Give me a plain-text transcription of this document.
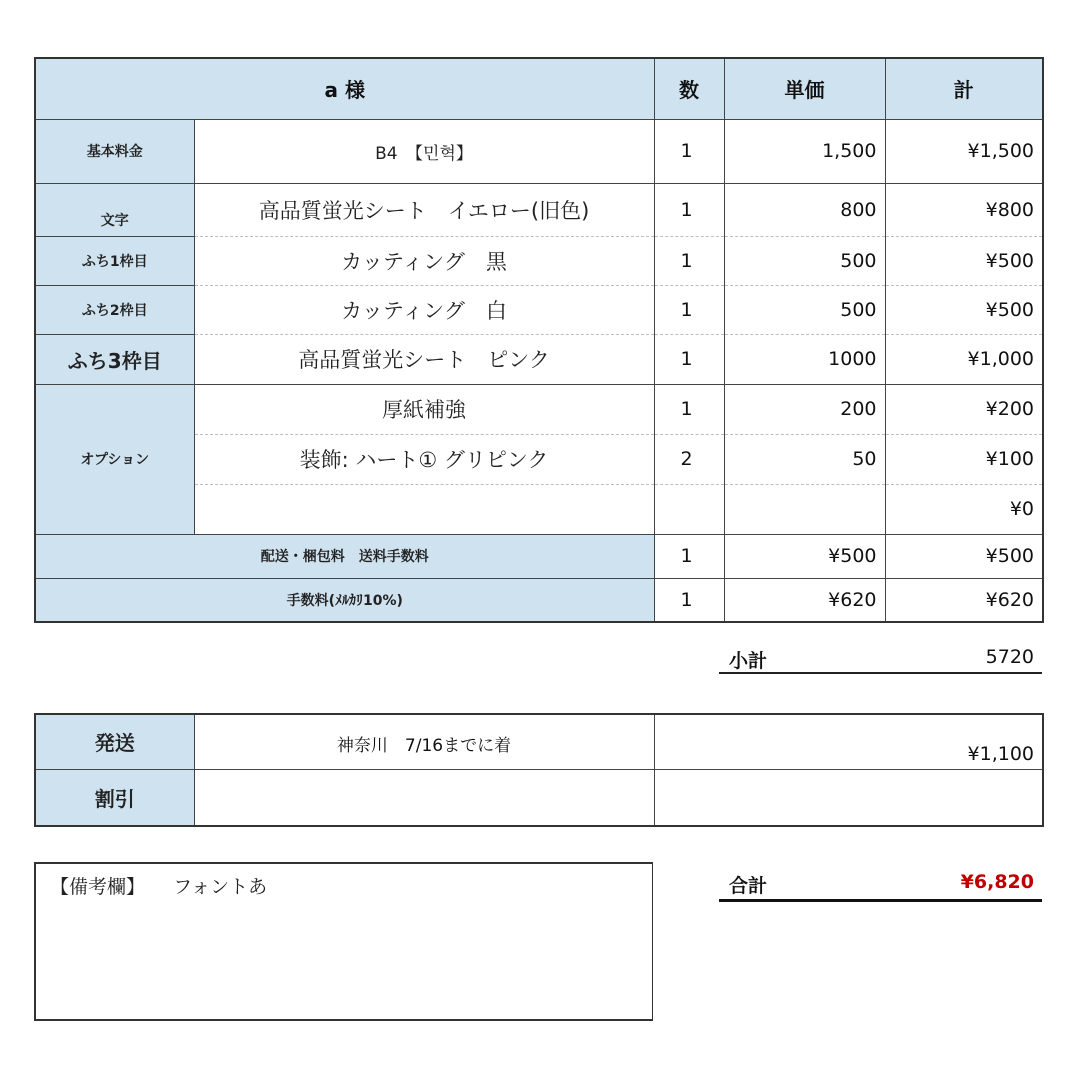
a 様		数	単価	計
基本料金	B4　【민혁】	1	1,500	¥1,500
文字	高品質蛍光シート　イエロー(旧色)	1	800	¥800
ふち1枠目	カッティング　黒	1	500	¥500
ふち2枠目	カッティング　白	1	500	¥500
ふち3枠目	高品質蛍光シート　ピンク	1	1000	¥1,000
オプション	厚紙補強	1	200	¥200
	装飾: ハート① グリピンク	2	50	¥100
				¥0
配送・梱包料　送料手数料		1	¥500	¥500
手数料(ﾒﾙｶﾘ10%)		1	¥620	¥620
小計	5720
発送	神奈川　7/16までに着	¥1,100
割引		
【備考欄】 フォントあ	合計	¥6,820
